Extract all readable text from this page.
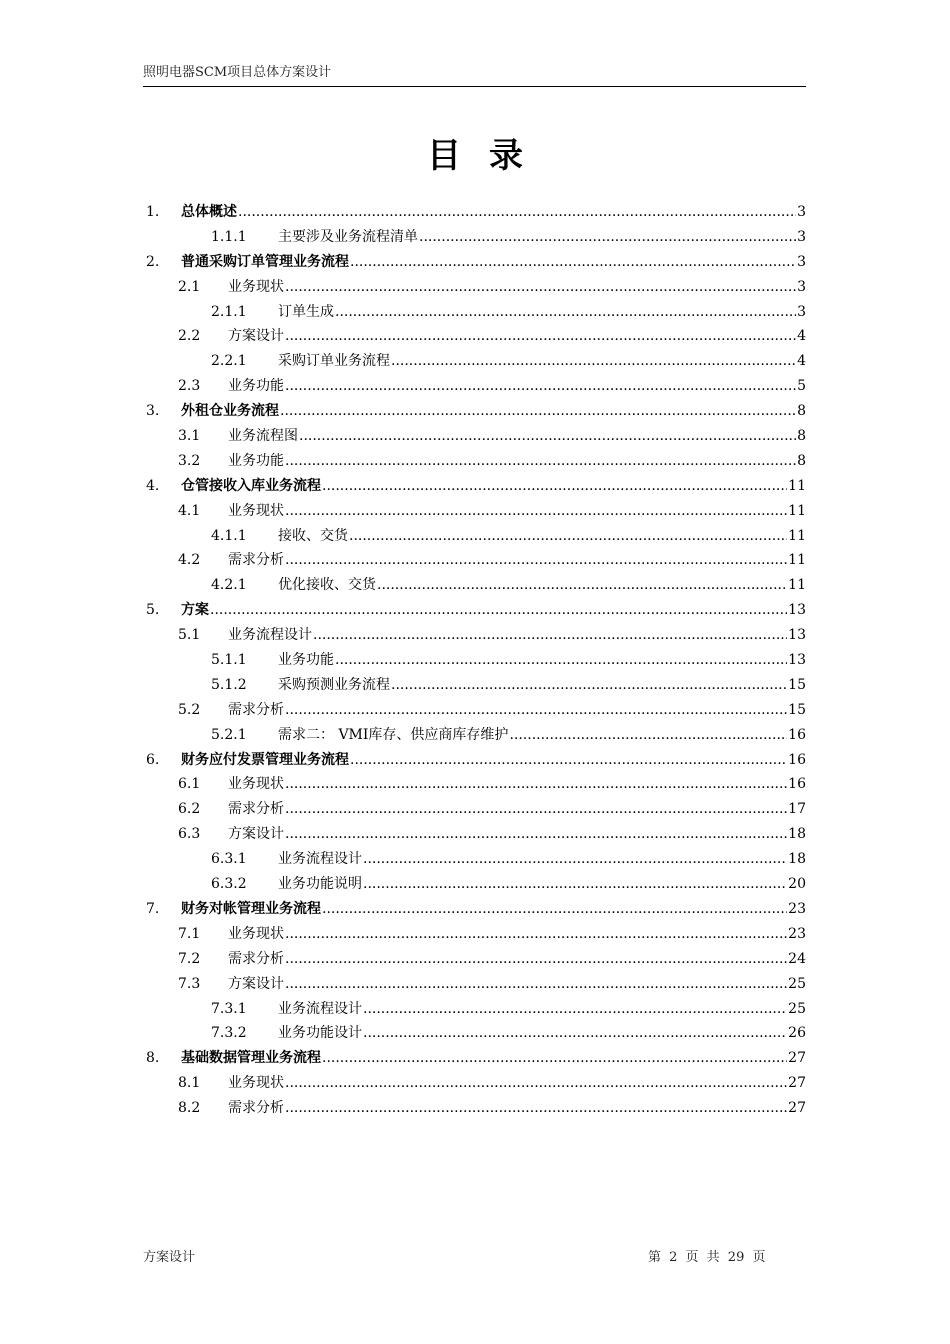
照明电器SCM项目总体方案设计
目录
1.	总体概述 .....	3
1.1.1	主要涉及业务流程清单 .....	3
2.	普通采购订单管理业务流程 .....	3
2.1	业务现状 .....	3
2.1.1	订单生成 .....	3
2.2	方案设计 .....	4
2.2.1	采购订单业务流程 .....	4
2.3	业务功能 .....	5
3.	外租仓业务流程 .....	8
3.1	业务流程图 .....	8
3.2	业务功能 .....	8
4.	仓管接收入库业务流程 .....	11
4.1	业务现状 .....	11
4.1.1	接收、交货 .....	11
4.2	需求分析 .....	11
4.2.1	优化接收、交货 .....	11
5.	方案 .....	13
5.1	业务流程设计 .....	13
5.1.1	业务功能 .....	13
5.1.2	采购预测业务流程 .....	15
5.2	需求分析 .....	15
5.2.1	需求二： VMI库存、供应商库存维护 .....	16
6.	财务应付发票管理业务流程 .....	16
6.1	业务现状 .....	16
6.2	需求分析 .....	17
6.3	方案设计 .....	18
6.3.1	业务流程设计 .....	18
6.3.2	业务功能说明 .....	20
7.	财务对帐管理业务流程 .....	23
7.1	业务现状 .....	23
7.2	需求分析 .....	24
7.3	方案设计 .....	25
7.3.1	业务流程设计 .....	25
7.3.2	业务功能设计 .....	26
8.	基础数据管理业务流程 .....	27
8.1	业务现状 .....	27
8.2	需求分析 .....	27
方案设计	第 2 页 共 29 页
